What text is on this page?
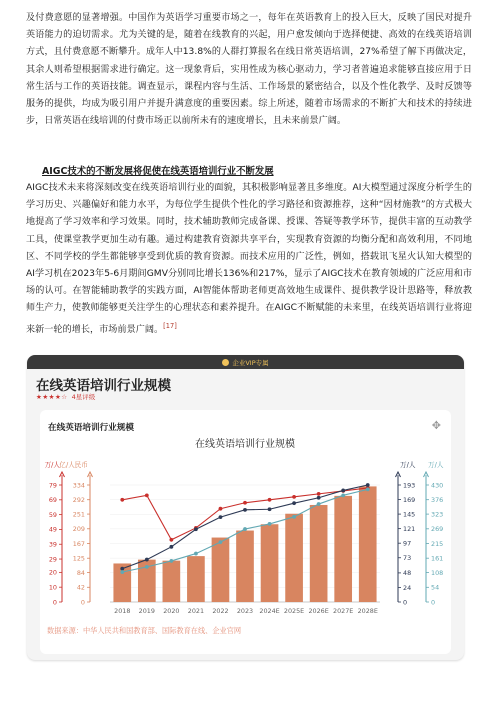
及付费意愿的显著增强。中国作为英语学习重要市场之一，每年在英语教育上的投入巨大，反映了国民对提升英语能力的迫切需求。尤为关键的是，随着在线教育的兴起，用户愈发倾向于选择便捷、高效的在线英语培训方式，且付费意愿不断攀升。成年人中13.8%的人群打算报名在线日常英语培训，27%希望了解下再做决定，其余人则希望根据需求进行确定。这一现象背后，实用性成为核心驱动力，学习者普遍追求能够直接应用于日常生活与工作的英语技能。调查显示，课程内容与生活、工作场景的紧密结合，以及个性化教学、及时反馈等服务的提供，均成为吸引用户并提升满意度的重要因素。综上所述，随着市场需求的不断扩大和技术的持续进步，日常英语在线培训的付费市场正以前所未有的速度增长，且未来前景广阔。

AIGC技术的不断发展将促使在线英语培训行业不断发展

AIGC技术未来将深刻改变在线英语培训行业的面貌，其积极影响显著且多维度。AI大模型通过深度分析学生的学习历史、兴趣偏好和能力水平，为每位学生提供个性化的学习路径和资源推荐，这种“因材施教”的方式极大地提高了学习效率和学习效果。同时，技术辅助教师完成备课、授课、答疑等教学环节，提供丰富的互动教学工具，使课堂教学更加生动有趣。通过构建教育资源共享平台，实现教育资源的均衡分配和高效利用，不同地区、不同学校的学生都能够享受到优质的教育资源。而技术应用的广泛性，例如，搭载讯飞星火认知大模型的AI学习机在2023年5-6月期间GMV分别同比增长136%和217%，显示了AIGC技术在教育领域的广泛应用和市场的认可。在智能辅助教学的实践方面，AI智能体帮助老师更高效地生成课件、提供教学设计思路等，释放教师生产力，使教师能够更关注学生的心理状态和素养提升。在AIGC不断赋能的未来里，在线英语培训行业将迎来新一轮的增长，市场前景广阔。[17]

企业VIP专属
在线英语培训行业规模
★★★★☆ 4星评级
在线英语培训行业规模	✥
在线英语培训行业规模
万/人
0
10
20
29
39
49
59
69
79
亿/人民币
0
42
84
125
167
209
251
292
334
万/人
0
24
48
73
97
121
145
169
193
万/人
0
54
108
161
215
269
323
376
430
2018 2019 2020 2021 2022 2023 2024E 2025E 2026E 2027E 2028E
数据来源：中华人民共和国教育部、国际教育在线、企业官网
